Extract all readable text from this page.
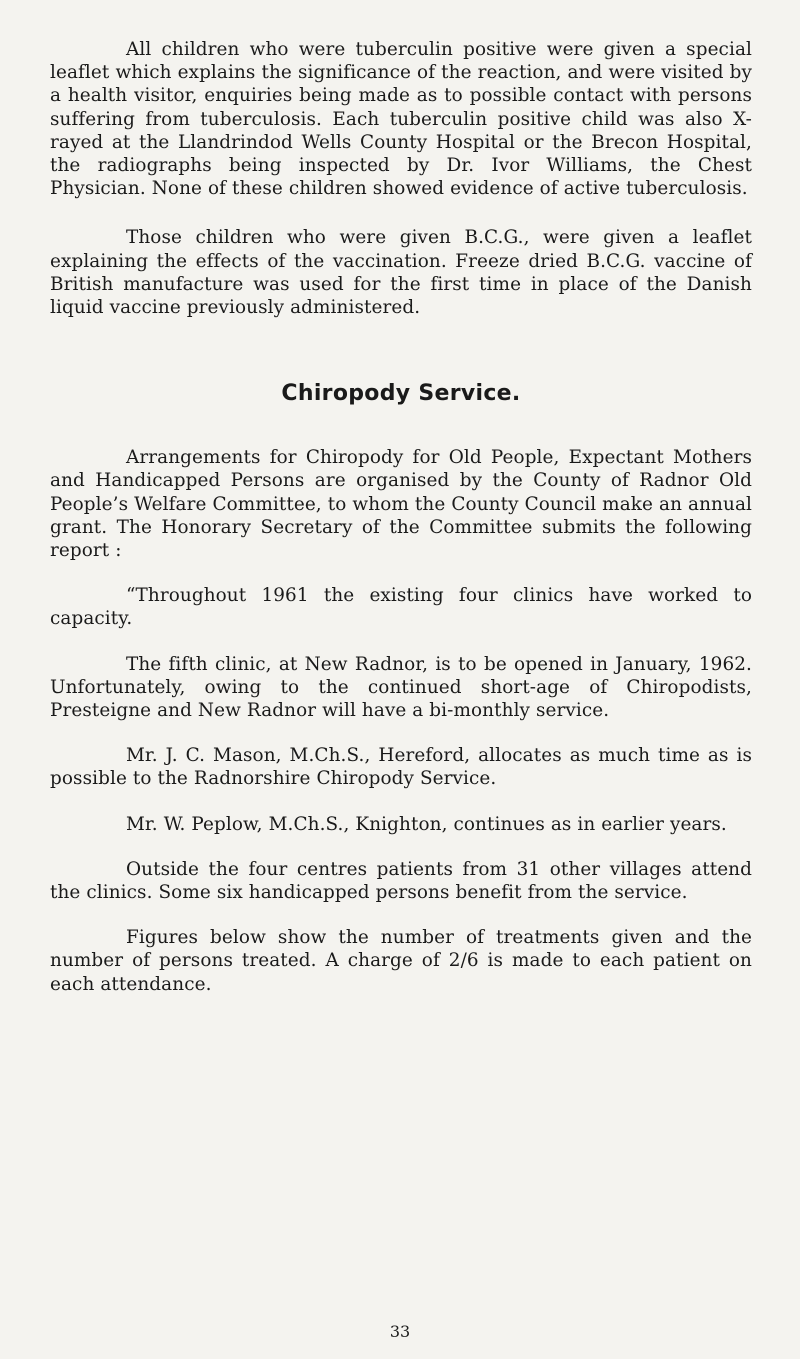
All children who were tuberculin positive were given a special leaflet which explains the significance of the reaction, and were visited by a health visitor, enquiries being made as to possible contact with persons suffering from tuberculosis. Each tuberculin positive child was also X-rayed at the Llandrindod Wells County Hospital or the Brecon Hospital, the radiographs being inspected by Dr. Ivor Williams, the Chest Physician. None of these children showed evidence of active tuberculosis.

Those children who were given B.C.G., were given a leaflet explaining the effects of the vaccination. Freeze dried B.C.G. vaccine of British manufacture was used for the first time in place of the Danish liquid vaccine previously administered.

Chiropody Service.

Arrangements for Chiropody for Old People, Expectant Mothers and Handicapped Persons are organised by the County of Radnor Old People’s Welfare Committee, to whom the County Council make an annual grant. The Honorary Secretary of the Committee submits the following report :

“Throughout 1961 the existing four clinics have worked to capacity.

The fifth clinic, at New Radnor, is to be opened in January, 1962. Unfortunately, owing to the continued short-age of Chiropodists, Presteigne and New Radnor will have a bi-monthly service.

Mr. J. C. Mason, M.Ch.S., Hereford, allocates as much time as is possible to the Radnorshire Chiropody Service.

Mr. W. Peplow, M.Ch.S., Knighton, continues as in earlier years.

Outside the four centres patients from 31 other villages attend the clinics. Some six handicapped persons benefit from the service.

Figures below show the number of treatments given and the number of persons treated. A charge of 2/6 is made to each patient on each attendance.

33
